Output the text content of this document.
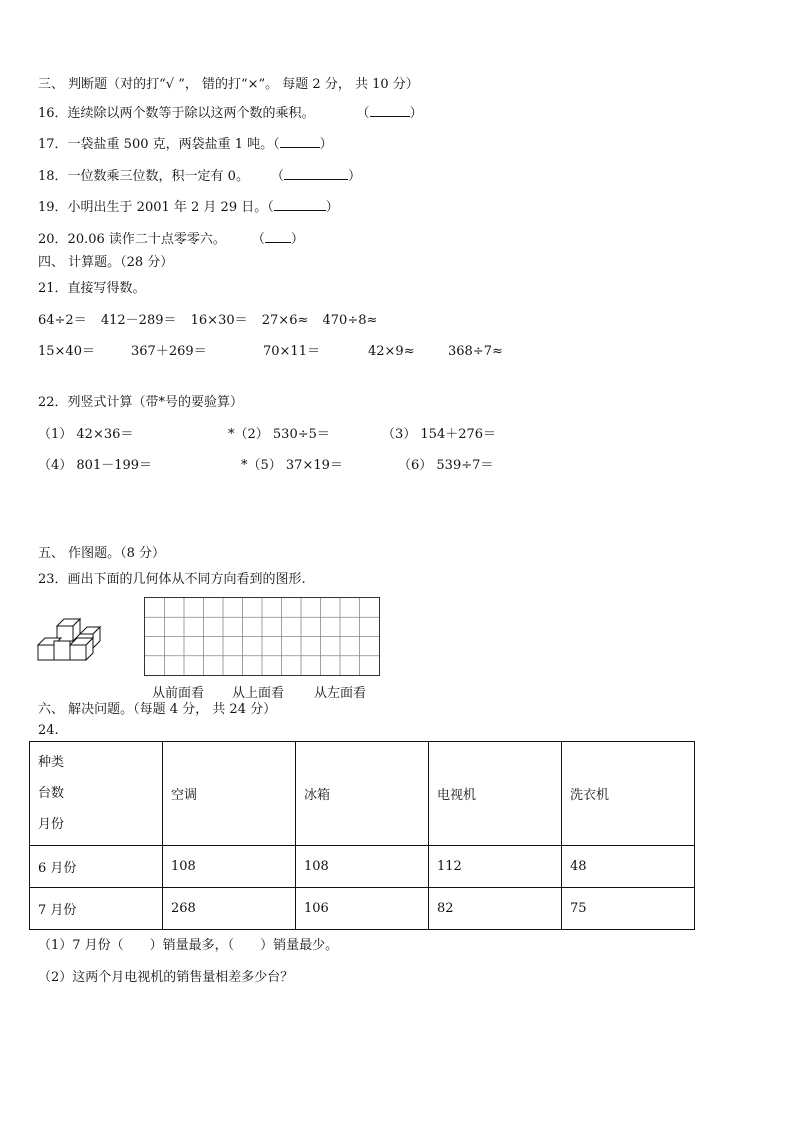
三、 判断题（对的打“√ ”， 错的打“×”。 每题 2 分， 共 10 分）
16．连续除以两个数等于除以这两个数的乘积。	（	）
17．一袋盐重 500 克，两袋盐重 1 吨。（	）
18．一位数乘三位数，积一定有 0。 （	）
19．小明出生于 2001 年 2 月 29 日。（	）
20．20.06 读作二十点零零六。 （ ）
四、 计算题。（28 分）
21．直接写得数。
64÷2＝ 412－289＝ 16×30＝ 27×6≈ 470÷8≈
15×40＝	367＋269＝	70×11＝	42×9≈	368÷7≈
22．列竖式计算（带*号的要验算）
（1） 42×36＝	*（2） 530÷5＝	（3） 154＋276＝
（4） 801－199＝	*（5） 37×19＝	（6） 539÷7＝
五、 作图题。（8 分）
23．画出下面的几何体从不同方向看到的图形.
从前面看 从上面看 从左面看
六、 解决问题。（每题 4 分， 共 24 分）
24.
种类
台数
月份	空调	冰箱	电视机	洗衣机
6 月份	108	108	112	48
7 月份	268	106	82	75
（1）7 月份（　　）销量最多，（　　）销量最少。
（2）这两个月电视机的销售量相差多少台？
